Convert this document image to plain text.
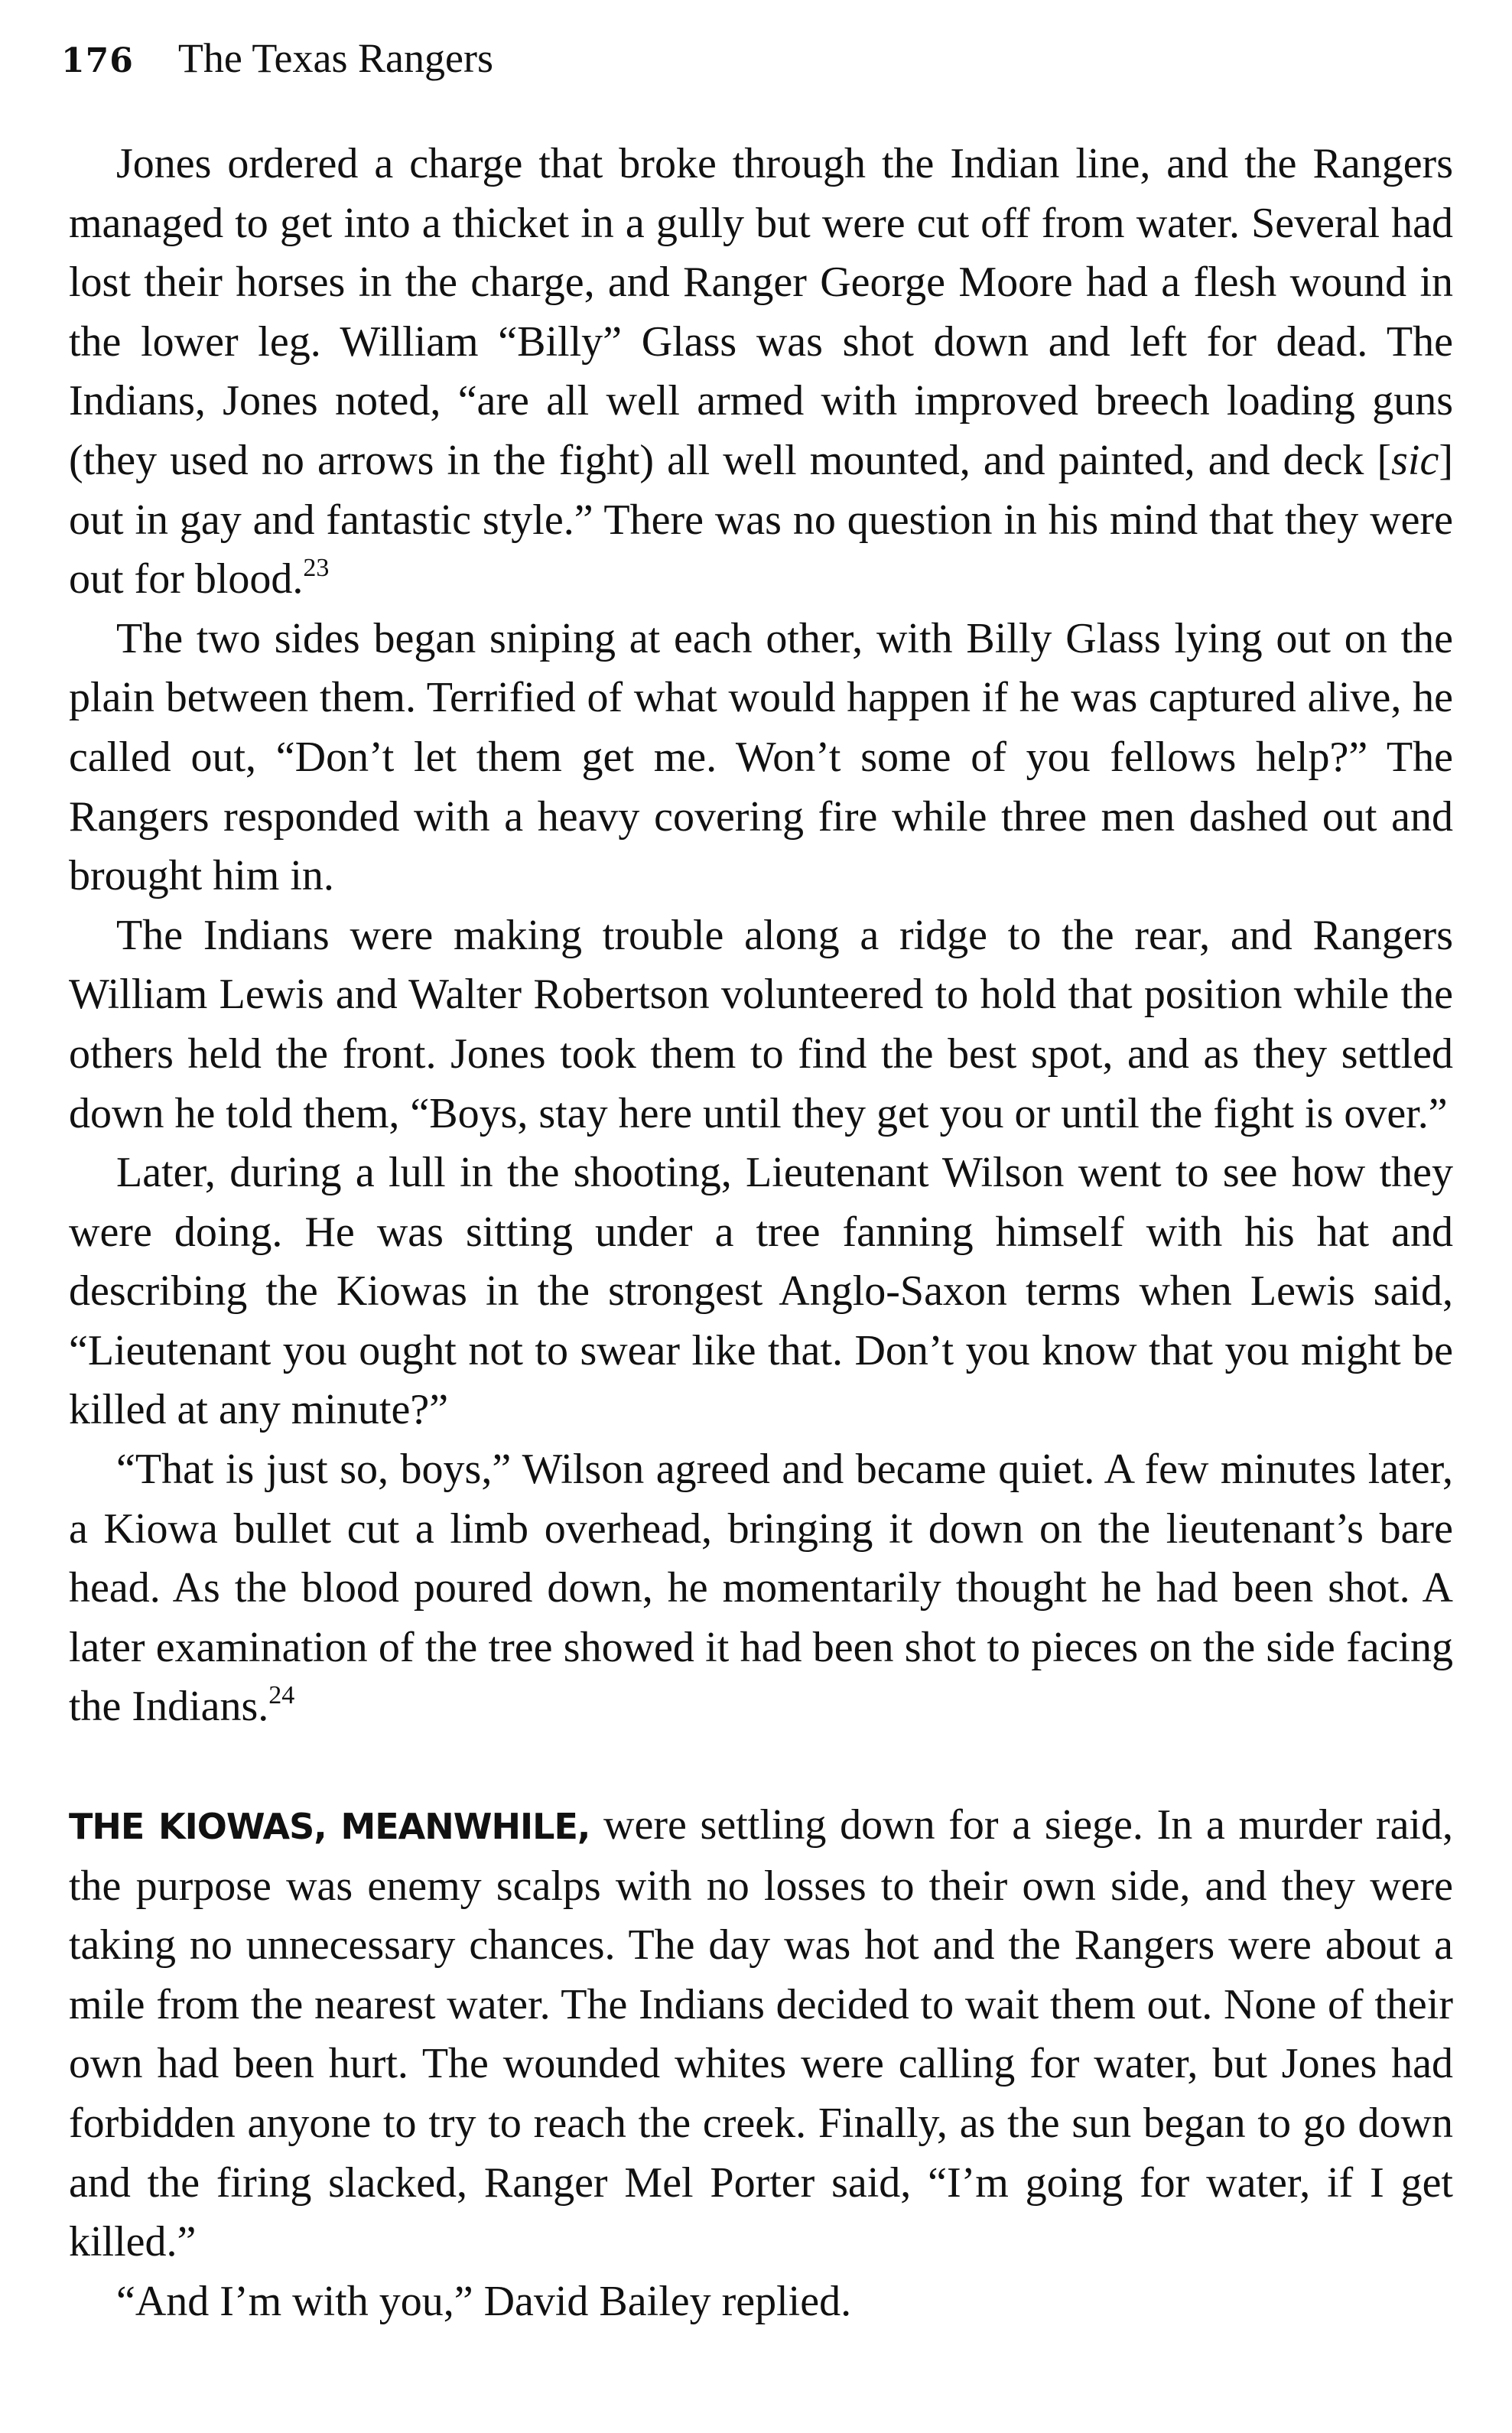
176 The Texas Rangers

Jones ordered a charge that broke through the Indian line, and the Rangers managed to get into a thicket in a gully but were cut off from water. Several had lost their horses in the charge, and Ranger George Moore had a flesh wound in the lower leg. William “Billy” Glass was shot down and left for dead. The Indians, Jones noted, “are all well armed with improved breech loading guns (they used no arrows in the fight) all well mounted, and painted, and deck [sic] out in gay and fantastic style.” There was no question in his mind that they were out for blood.$^{23}$

The two sides began sniping at each other, with Billy Glass lying out on the plain between them. Terrified of what would happen if he was captured alive, he called out, “Don’t let them get me. Won’t some of you fellows help?” The Rangers responded with a heavy covering fire while three men dashed out and brought him in.

The Indians were making trouble along a ridge to the rear, and Rangers William Lewis and Walter Robertson volunteered to hold that position while the others held the front. Jones took them to find the best spot, and as they settled down he told them, “Boys, stay here until they get you or until the fight is over.”

Later, during a lull in the shooting, Lieutenant Wilson went to see how they were doing. He was sitting under a tree fanning himself with his hat and describing the Kiowas in the strongest Anglo-Saxon terms when Lewis said, “Lieutenant you ought not to swear like that. Don’t you know that you might be killed at any minute?”

“That is just so, boys,” Wilson agreed and became quiet. A few minutes later, a Kiowa bullet cut a limb overhead, bringing it down on the lieutenant’s bare head. As the blood poured down, he momentarily thought he had been shot. A later examination of the tree showed it had been shot to pieces on the side facing the Indians.$^{24}$

THE KIOWAS, MEANWHILE, were settling down for a siege. In a murder raid, the purpose was enemy scalps with no losses to their own side, and they were taking no unnecessary chances. The day was hot and the Rangers were about a mile from the nearest water. The Indians decided to wait them out. None of their own had been hurt. The wounded whites were calling for water, but Jones had forbidden anyone to try to reach the creek. Finally, as the sun began to go down and the firing slacked, Ranger Mel Porter said, “I’m going for water, if I get killed.”

“And I’m with you,” David Bailey replied.
